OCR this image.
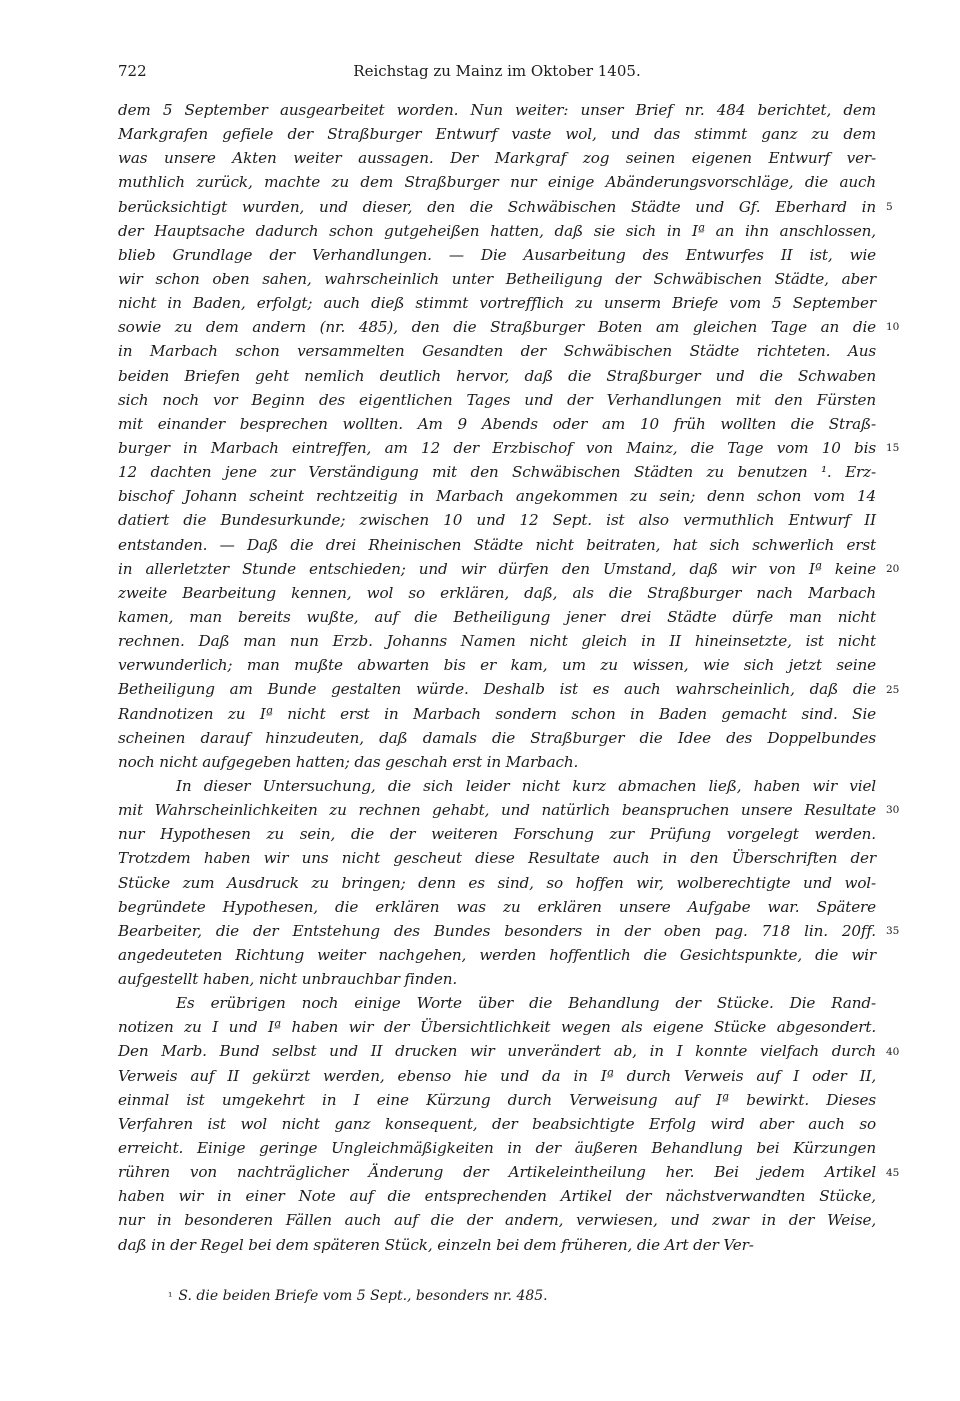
722	Reichstag zu Mainz im Oktober 1405.
dem 5 September ausgearbeitet worden. Nun weiter: unser Brief nr. 484 berichtet, dem
Markgrafen gefiele der Straßburger Entwurf vaste wol, und das stimmt ganz zu dem
was unsere Akten weiter aussagen. Der Markgraf zog seinen eigenen Entwurf ver-
muthlich zurück, machte zu dem Straßburger nur einige Abänderungsvorschläge, die auch
berücksichtigt wurden, und dieser, den die Schwäbischen Städte und Gf. Eberhard in
der Hauptsache dadurch schon gutgeheißen hatten, daß sie sich in Iª an ihn anschlossen,
blieb Grundlage der Verhandlungen. — Die Ausarbeitung des Entwurfes II ist, wie
wir schon oben sahen, wahrscheinlich unter Betheiligung der Schwäbischen Städte, aber
nicht in Baden, erfolgt; auch dieß stimmt vortrefflich zu unserm Briefe vom 5 September
sowie zu dem andern (nr. 485), den die Straßburger Boten am gleichen Tage an die
in Marbach schon versammelten Gesandten der Schwäbischen Städte richteten. Aus
beiden Briefen geht nemlich deutlich hervor, daß die Straßburger und die Schwaben
sich noch vor Beginn des eigentlichen Tages und der Verhandlungen mit den Fürsten
mit einander besprechen wollten. Am 9 Abends oder am 10 früh wollten die Straß-
burger in Marbach eintreffen, am 12 der Erzbischof von Mainz, die Tage vom 10 bis
12 dachten jene zur Verständigung mit den Schwäbischen Städten zu benutzen ¹. Erz-
bischof Johann scheint rechtzeitig in Marbach angekommen zu sein; denn schon vom 14
datiert die Bundesurkunde; zwischen 10 und 12 Sept. ist also vermuthlich Entwurf II
entstanden. — Daß die drei Rheinischen Städte nicht beitraten, hat sich schwerlich erst
in allerletzter Stunde entschieden; und wir dürfen den Umstand, daß wir von Iª keine
zweite Bearbeitung kennen, wol so erklären, daß, als die Straßburger nach Marbach
kamen, man bereits wußte, auf die Betheiligung jener drei Städte dürfe man nicht
rechnen. Daß man nun Erzb. Johanns Namen nicht gleich in II hineinsetzte, ist nicht
verwunderlich; man mußte abwarten bis er kam, um zu wissen, wie sich jetzt seine
Betheiligung am Bunde gestalten würde. Deshalb ist es auch wahrscheinlich, daß die
Randnotizen zu Iª nicht erst in Marbach sondern schon in Baden gemacht sind. Sie
scheinen darauf hinzudeuten, daß damals die Straßburger die Idee des Doppelbundes
noch nicht aufgegeben hatten; das geschah erst in Marbach.
In dieser Untersuchung, die sich leider nicht kurz abmachen ließ, haben wir viel
mit Wahrscheinlichkeiten zu rechnen gehabt, und natürlich beanspruchen unsere Resultate
nur Hypothesen zu sein, die der weiteren Forschung zur Prüfung vorgelegt werden.
Trotzdem haben wir uns nicht gescheut diese Resultate auch in den Überschriften der
Stücke zum Ausdruck zu bringen; denn es sind, so hoffen wir, wolberechtigte und wol-
begründete Hypothesen, die erklären was zu erklären unsere Aufgabe war. Spätere
Bearbeiter, die der Entstehung des Bundes besonders in der oben pag. 718 lin. 20ff.
angedeuteten Richtung weiter nachgehen, werden hoffentlich die Gesichtspunkte, die wir
aufgestellt haben, nicht unbrauchbar finden.
Es erübrigen noch einige Worte über die Behandlung der Stücke. Die Rand-
notizen zu I und Iª haben wir der Übersichtlichkeit wegen als eigene Stücke abgesondert.
Den Marb. Bund selbst und II drucken wir unverändert ab, in I konnte vielfach durch
Verweis auf II gekürzt werden, ebenso hie und da in Iª durch Verweis auf I oder II,
einmal ist umgekehrt in I eine Kürzung durch Verweisung auf Iª bewirkt. Dieses
Verfahren ist wol nicht ganz konsequent, der beabsichtigte Erfolg wird aber auch so
erreicht. Einige geringe Ungleichmäßigkeiten in der äußeren Behandlung bei Kürzungen
rühren von nachträglicher Änderung der Artikeleintheilung her. Bei jedem Artikel
haben wir in einer Note auf die entsprechenden Artikel der nächstverwandten Stücke,
nur in besonderen Fällen auch auf die der andern, verwiesen, und zwar in der Weise,
daß in der Regel bei dem späteren Stück, einzeln bei dem früheren, die Art der Ver-
5
10
15
20
25
30
35
40
45
¹ S. die beiden Briefe vom 5 Sept., besonders nr. 485.
